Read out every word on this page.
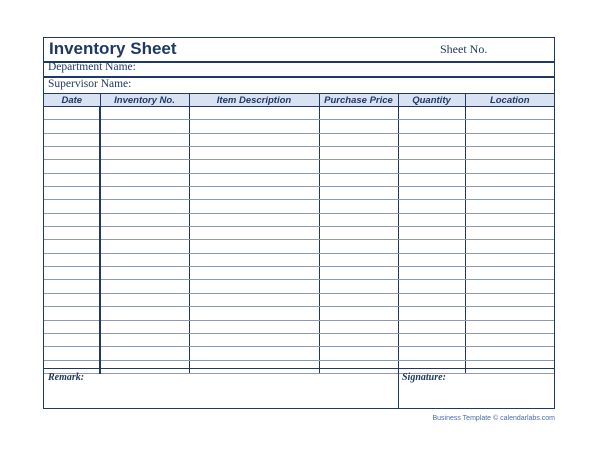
Inventory Sheet	Sheet No.
Department Name:
Supervisor Name:
Date	Inventory No.	Item Description	Purchase Price	Quantity	Location

Remark:	Signature:
Business Template © calendarlabs.com
